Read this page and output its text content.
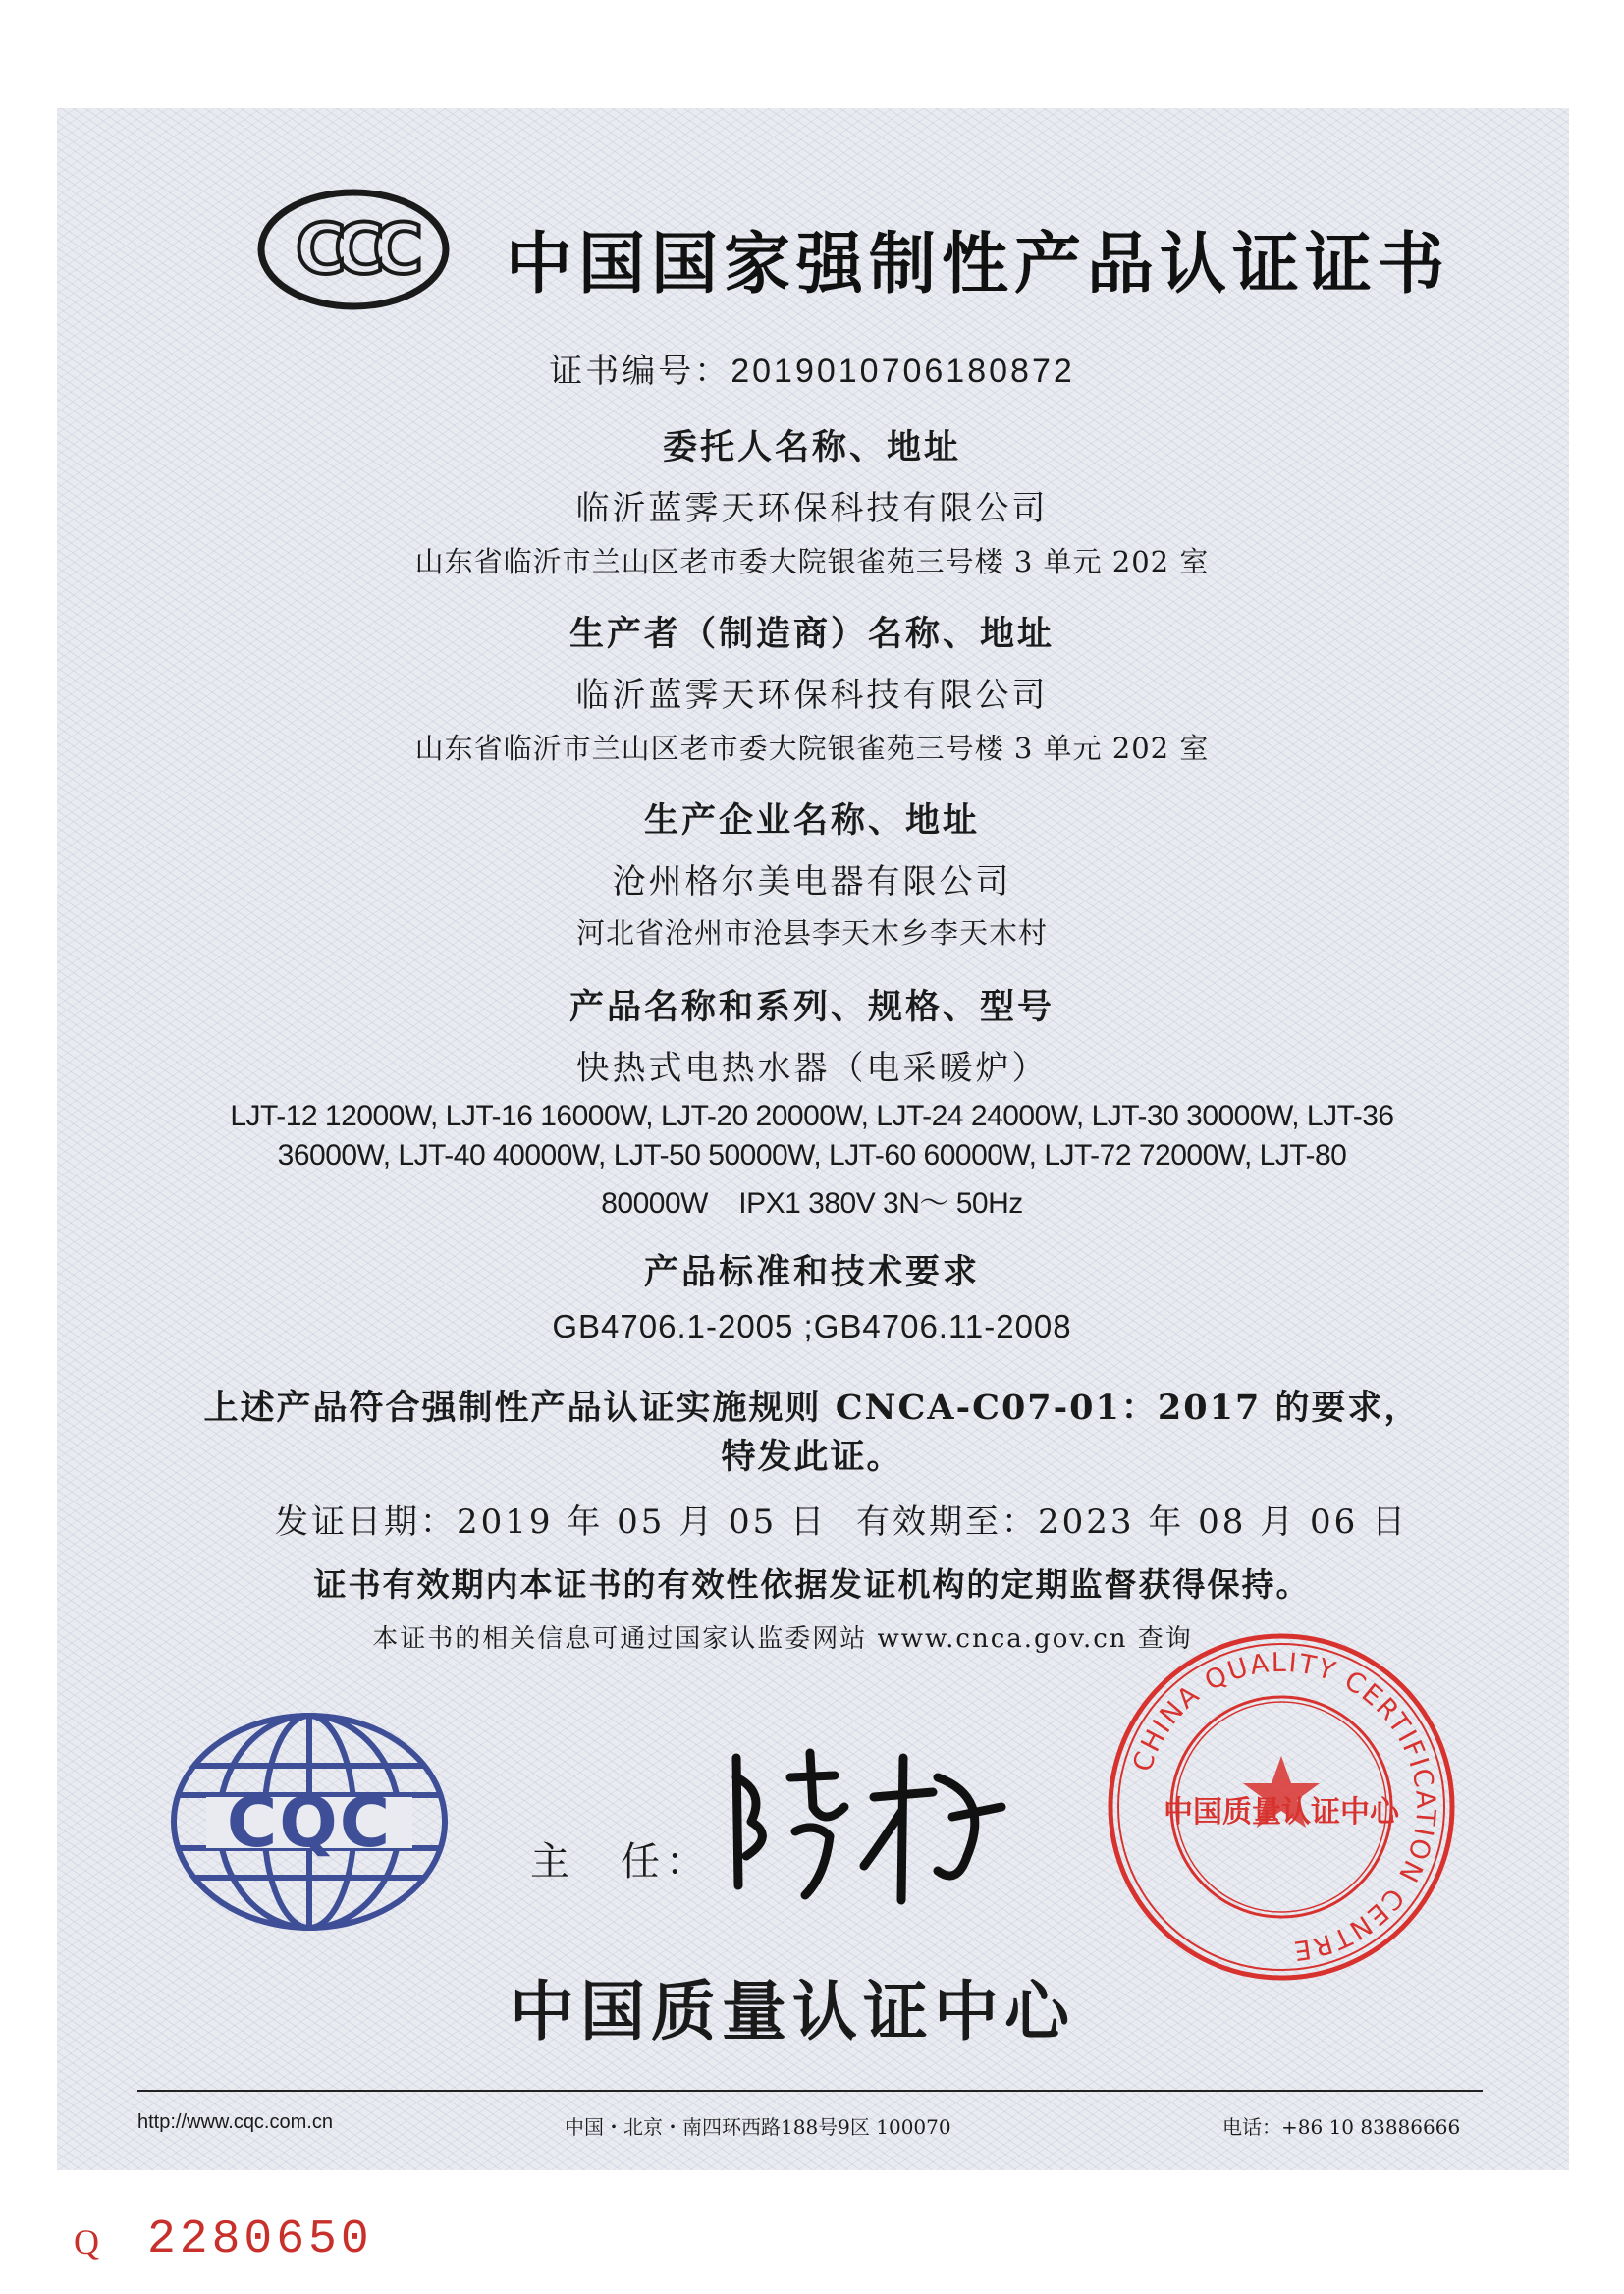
CCC 中国国家强制性产品认证证书
证书编号：2019010706180872
委托人名称、地址
临沂蓝霁天环保科技有限公司
山东省临沂市兰山区老市委大院银雀苑三号楼 3 单元 202 室
生产者（制造商）名称、地址
临沂蓝霁天环保科技有限公司
山东省临沂市兰山区老市委大院银雀苑三号楼 3 单元 202 室
生产企业名称、地址
沧州格尔美电器有限公司
河北省沧州市沧县李天木乡李天木村
产品名称和系列、规格、型号
快热式电热水器（电采暖炉）
LJT-12 12000W, LJT-16 16000W, LJT-20 20000W, LJT-24 24000W, LJT-30 30000W, LJT-36
36000W, LJT-40 40000W, LJT-50 50000W, LJT-60 60000W, LJT-72 72000W, LJT-80
80000W    IPX1 380V 3N～ 50Hz
产品标准和技术要求
GB4706.1-2005 ;GB4706.11-2008
上述产品符合强制性产品认证实施规则 CNCA-C07-01：2017 的要求，
特发此证。
发证日期：2019 年 05 月 05 日 有效期至：2023 年 08 月 06 日
证书有效期内本证书的有效性依据发证机构的定期监督获得保持。
本证书的相关信息可通过国家认监委网站 www.cnca.gov.cn 查询
CQC	主　任：
CHINA QUALITY CERTIFICATION CENTRE
中国质量认证中心
中国质量认证中心
http://www.cqc.com.cn	中国・北京・南四环西路188号9区 100070	电话：+86 10 83886666
Q 2280650
